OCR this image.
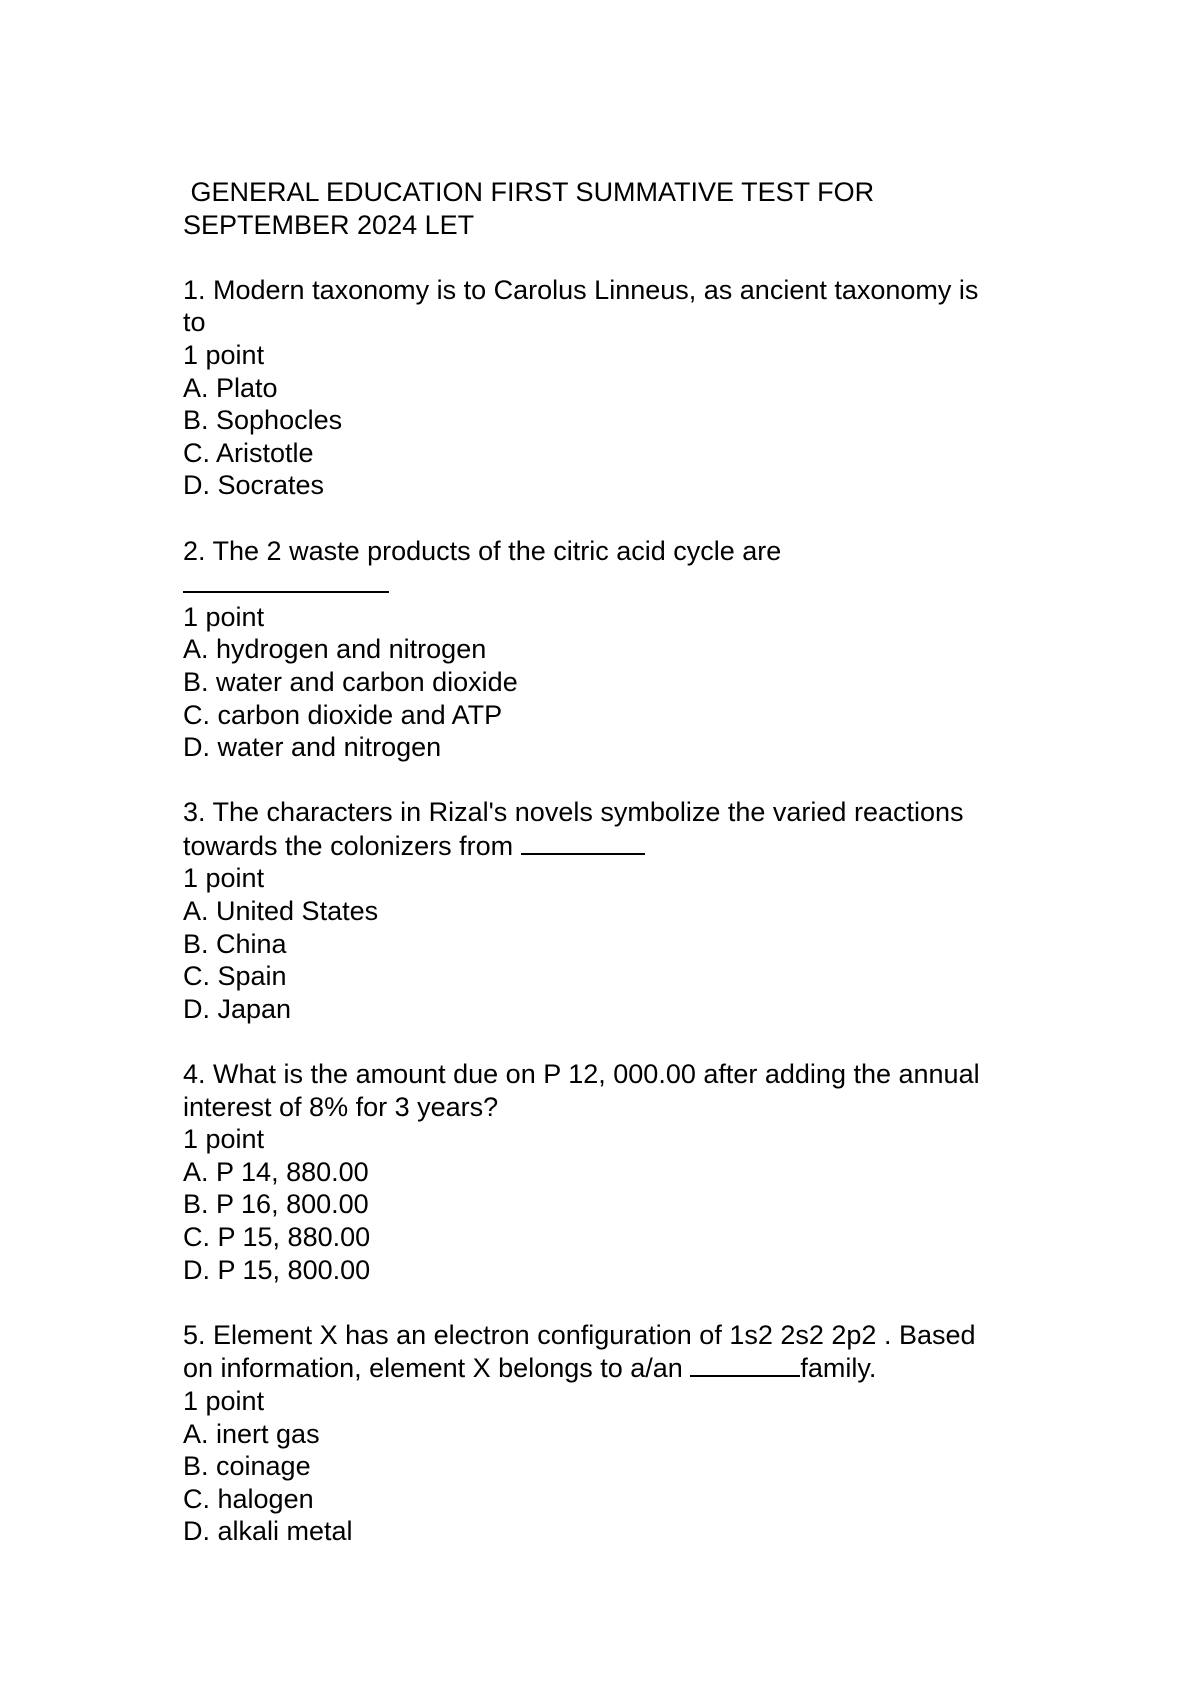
GENERAL EDUCATION FIRST SUMMATIVE TEST FOR
SEPTEMBER 2024 LET
1. Modern taxonomy is to Carolus Linneus, as ancient taxonomy is
to
1 point
A. Plato
B. Sophocles
C. Aristotle
D. Socrates
2. The 2 waste products of the citric acid cycle are
1 point
A. hydrogen and nitrogen
B. water and carbon dioxide
C. carbon dioxide and ATP
D. water and nitrogen
3. The characters in Rizal's novels symbolize the varied reactions
towards the colonizers from
1 point
A. United States
B. China
C. Spain
D. Japan
4. What is the amount due on P 12, 000.00 after adding the annual
interest of 8% for 3 years?
1 point
A. P 14, 880.00
B. P 16, 800.00
C. P 15, 880.00
D. P 15, 800.00
5. Element X has an electron configuration of 1s2 2s2 2p2 . Based
on information, element X belongs to a/an	family.
1 point
A. inert gas
B. coinage
C. halogen
D. alkali metal
